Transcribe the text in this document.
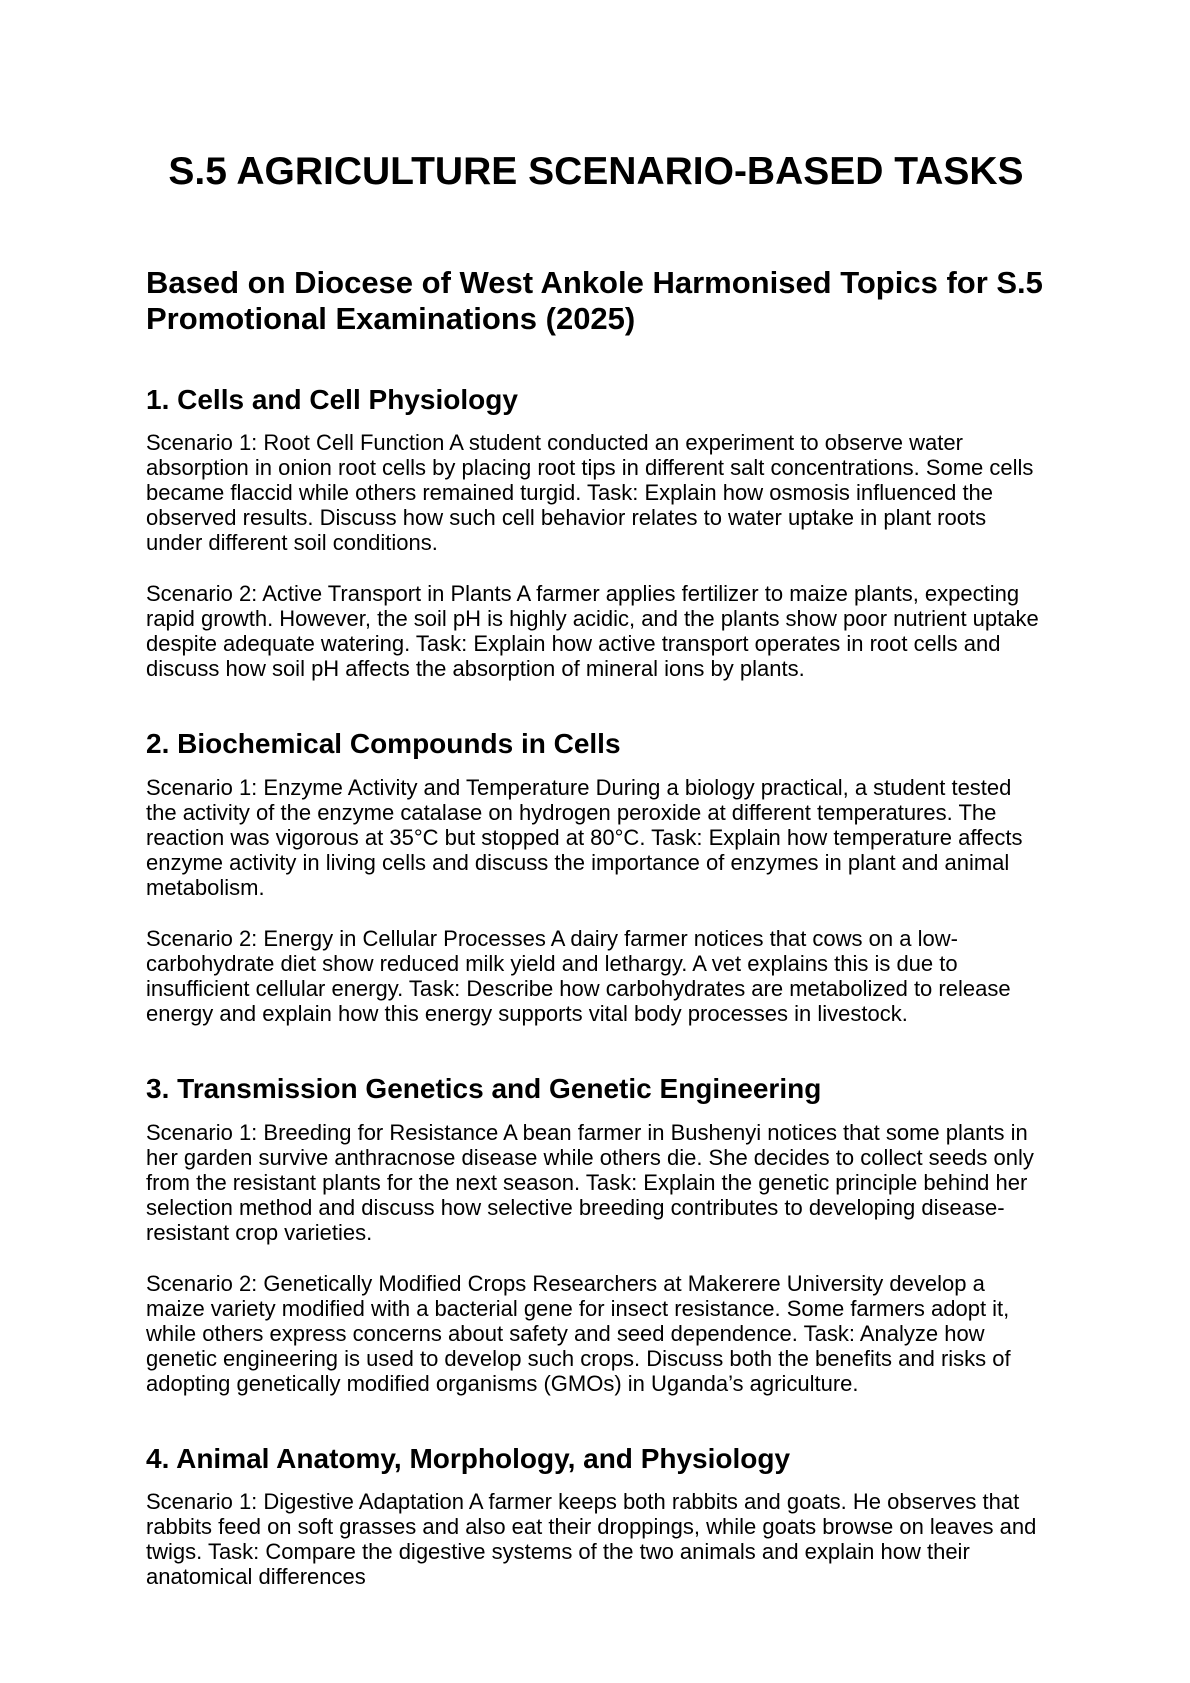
S.5 AGRICULTURE SCENARIO-BASED TASKS
Based on Diocese of West Ankole Harmonised Topics for S.5 Promotional Examinations (2025)
1. Cells and Cell Physiology

Scenario 1: Root Cell Function A student conducted an experiment to observe water absorption in onion root cells by placing root tips in different salt concentrations. Some cells became flaccid while others remained turgid. Task: Explain how osmosis influenced the observed results. Discuss how such cell behavior relates to water uptake in plant roots under different soil conditions.

Scenario 2: Active Transport in Plants A farmer applies fertilizer to maize plants, expecting rapid growth. However, the soil pH is highly acidic, and the plants show poor nutrient uptake despite adequate watering. Task: Explain how active transport operates in root cells and discuss how soil pH affects the absorption of mineral ions by plants.

2. Biochemical Compounds in Cells

Scenario 1: Enzyme Activity and Temperature During a biology practical, a student tested the activity of the enzyme catalase on hydrogen peroxide at different temperatures. The reaction was vigorous at 35°C but stopped at 80°C. Task: Explain how temperature affects enzyme activity in living cells and discuss the importance of enzymes in plant and animal metabolism.

Scenario 2: Energy in Cellular Processes A dairy farmer notices that cows on a low-carbohydrate diet show reduced milk yield and lethargy. A vet explains this is due to insufficient cellular energy. Task: Describe how carbohydrates are metabolized to release energy and explain how this energy supports vital body processes in livestock.

3. Transmission Genetics and Genetic Engineering

Scenario 1: Breeding for Resistance A bean farmer in Bushenyi notices that some plants in her garden survive anthracnose disease while others die. She decides to collect seeds only from the resistant plants for the next season. Task: Explain the genetic principle behind her selection method and discuss how selective breeding contributes to developing disease-resistant crop varieties.

Scenario 2: Genetically Modified Crops Researchers at Makerere University develop a maize variety modified with a bacterial gene for insect resistance. Some farmers adopt it, while others express concerns about safety and seed dependence. Task: Analyze how genetic engineering is used to develop such crops. Discuss both the benefits and risks of adopting genetically modified organisms (GMOs) in Uganda’s agriculture.

4. Animal Anatomy, Morphology, and Physiology

Scenario 1: Digestive Adaptation A farmer keeps both rabbits and goats. He observes that rabbits feed on soft grasses and also eat their droppings, while goats browse on leaves and twigs. Task: Compare the digestive systems of the two animals and explain how their anatomical differences
